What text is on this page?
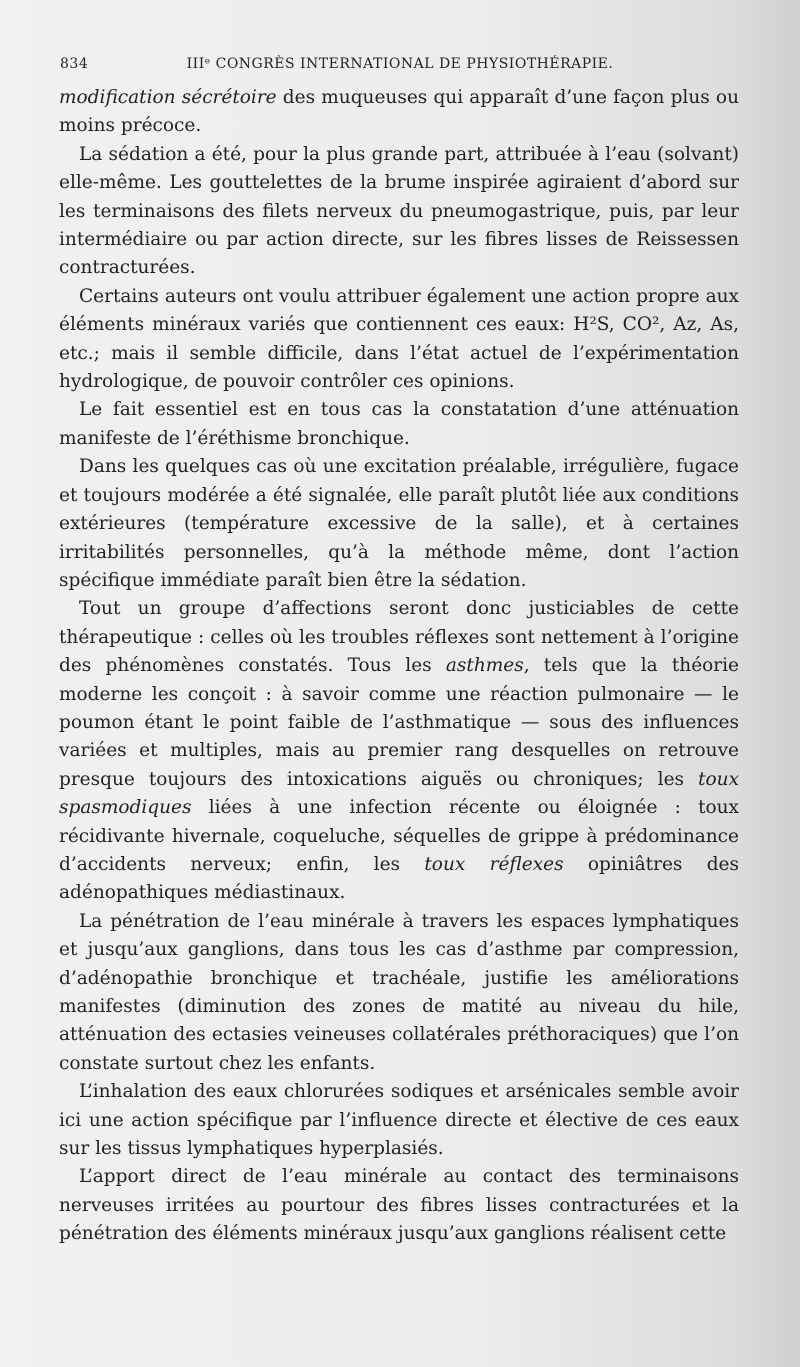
834	IIIᵉ CONGRÈS INTERNATIONAL DE PHYSIOTHÉRAPIE.

modification sécrétoire des muqueuses qui apparaît d’une façon plus ou moins précoce.

La sédation a été, pour la plus grande part, attribuée à l’eau (solvant) elle-même. Les gouttelettes de la brume inspirée agiraient d’abord sur les terminaisons des filets nerveux du pneumogastrique, puis, par leur intermédiaire ou par action directe, sur les fibres lisses de Reissessen contracturées.

Certains auteurs ont voulu attribuer également une action propre aux éléments minéraux variés que contiennent ces eaux: H²S, CO², Az, As, etc.; mais il semble difficile, dans l’état actuel de l’expérimentation hydrologique, de pouvoir contrôler ces opinions.

Le fait essentiel est en tous cas la constatation d’une atténuation manifeste de l’éréthisme bronchique.

Dans les quelques cas où une excitation préalable, irrégulière, fugace et toujours modérée a été signalée, elle paraît plutôt liée aux conditions extérieures (température excessive de la salle), et à certaines irritabilités personnelles, qu’à la méthode même, dont l’action spécifique immédiate paraît bien être la sédation.

Tout un groupe d’affections seront donc justiciables de cette thérapeutique : celles où les troubles réflexes sont nettement à l’origine des phénomènes constatés. Tous les asthmes, tels que la théorie moderne les conçoit : à savoir comme une réaction pulmonaire — le poumon étant le point faible de l’asthmatique — sous des influences variées et multiples, mais au premier rang desquelles on retrouve presque toujours des intoxications aiguës ou chroniques; les toux spasmodiques liées à une infection récente ou éloignée : toux récidivante hivernale, coqueluche, séquelles de grippe à prédominance d’accidents nerveux; enfin, les toux réflexes opiniâtres des adénopathiques médiastinaux.

La pénétration de l’eau minérale à travers les espaces lymphatiques et jusqu’aux ganglions, dans tous les cas d’asthme par compression, d’adénopathie bronchique et trachéale, justifie les améliorations manifestes (diminution des zones de matité au niveau du hile, atténuation des ectasies veineuses collatérales préthoraciques) que l’on constate surtout chez les enfants.

L’inhalation des eaux chlorurées sodiques et arsénicales semble avoir ici une action spécifique par l’influence directe et élective de ces eaux sur les tissus lymphatiques hyperplasiés.

L’apport direct de l’eau minérale au contact des terminaisons nerveuses irritées au pourtour des fibres lisses contracturées et la pénétration des éléments minéraux jusqu’aux ganglions réalisent cette
